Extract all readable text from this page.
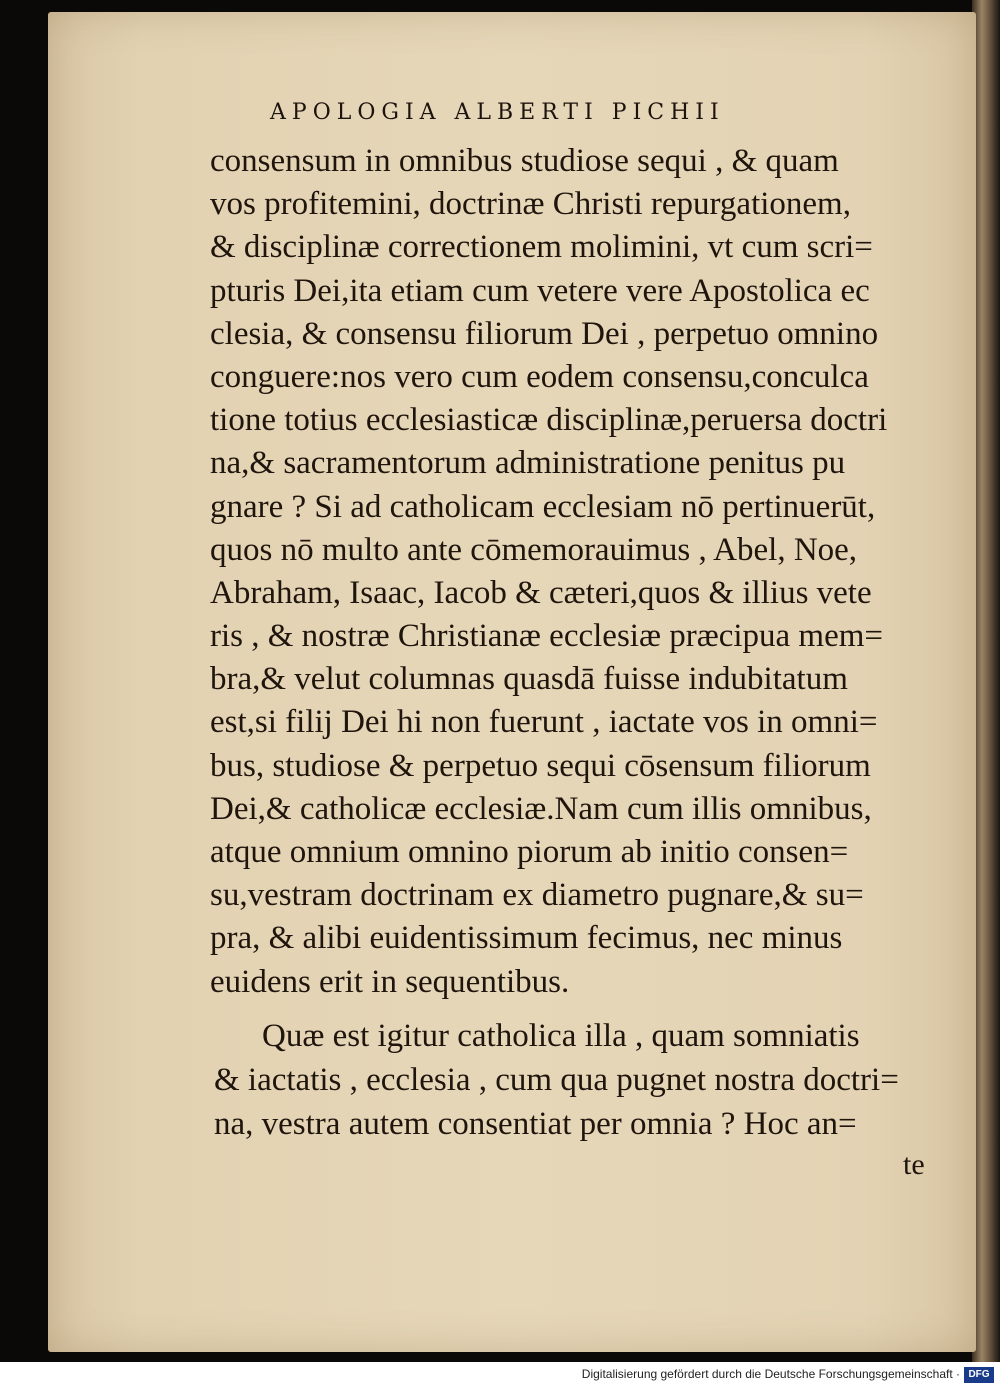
APOLOGIA ALBERTI PICHII
consensum in omnibus studiose sequi , & quam
vos profitemini, doctrinæ Christi repurgationem,
& disciplinæ correctionem molimini, vt cum scri=
pturis Dei,ita etiam cum vetere vere Apostolica ec
clesia, & consensu filiorum Dei , perpetuo omnino
conguere:nos vero cum eodem consensu,conculca
tione totius ecclesiasticæ disciplinæ,peruersa doctri
na,& sacramentorum administratione penitus pu
gnare ? Si ad catholicam ecclesiam nō pertinuerūt,
quos nō multo ante cōmemorauimus , Abel, Noe,
Abraham, Isaac, Iacob & cæteri,quos & illius vete
ris , & nostræ Christianæ ecclesiæ præcipua mem=
bra,& velut columnas quasdā fuisse indubitatum
est,si filij Dei hi non fuerunt , iactate vos in omni=
bus, studiose & perpetuo sequi cōsensum filiorum
Dei,& catholicæ ecclesiæ.Nam cum illis omnibus,
atque omnium omnino piorum ab initio consen=
su,vestram doctrinam ex diametro pugnare,& su=
pra, & alibi euidentissimum fecimus, nec minus
euidens erit in sequentibus.
Quæ est igitur catholica illa , quam somniatis
& iactatis , ecclesia , cum qua pugnet nostra doctri=
na, vestra autem consentiat per omnia ? Hoc an=
te
Digitalisierung gefördert durch die Deutsche Forschungsgemeinschaft · DFG
